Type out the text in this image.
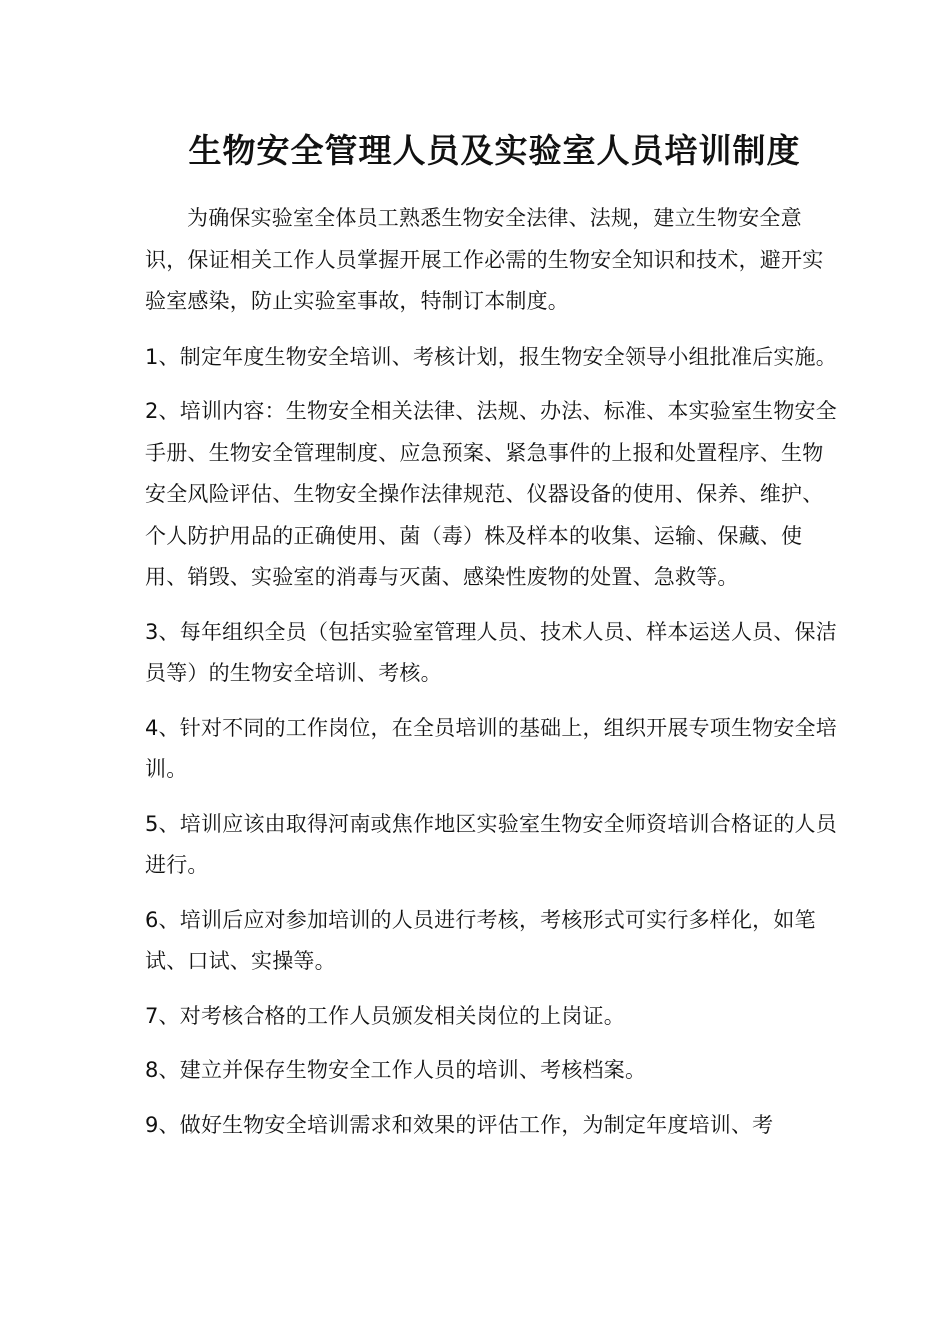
生物安全管理人员及实验室人员培训制度

为确保实验室全体员工熟悉生物安全法律、法规，建立生物安全意识，保证相关工作人员掌握开展工作必需的生物安全知识和技术，避开实验室感染，防止实验室事故，特制订本制度。

1、制定年度生物安全培训、考核计划，报生物安全领导小组批准后实施。

2、培训内容：生物安全相关法律、法规、办法、标准、本实验室生物安全手册、生物安全管理制度、应急预案、紧急事件的上报和处置程序、生物安全风险评估、生物安全操作法律规范、仪器设备的使用、保养、维护、个人防护用品的正确使用、菌（毒）株及样本的收集、运输、保藏、使用、销毁、实验室的消毒与灭菌、感染性废物的处置、急救等。

3、每年组织全员（包括实验室管理人员、技术人员、样本运送人员、保洁员等）的生物安全培训、考核。

4、针对不同的工作岗位，在全员培训的基础上，组织开展专项生物安全培训。

5、培训应该由取得河南或焦作地区实验室生物安全师资培训合格证的人员进行。

6、培训后应对参加培训的人员进行考核，考核形式可实行多样化，如笔试、口试、实操等。

7、对考核合格的工作人员颁发相关岗位的上岗证。

8、建立并保存生物安全工作人员的培训、考核档案。

9、做好生物安全培训需求和效果的评估工作，为制定年度培训、考
